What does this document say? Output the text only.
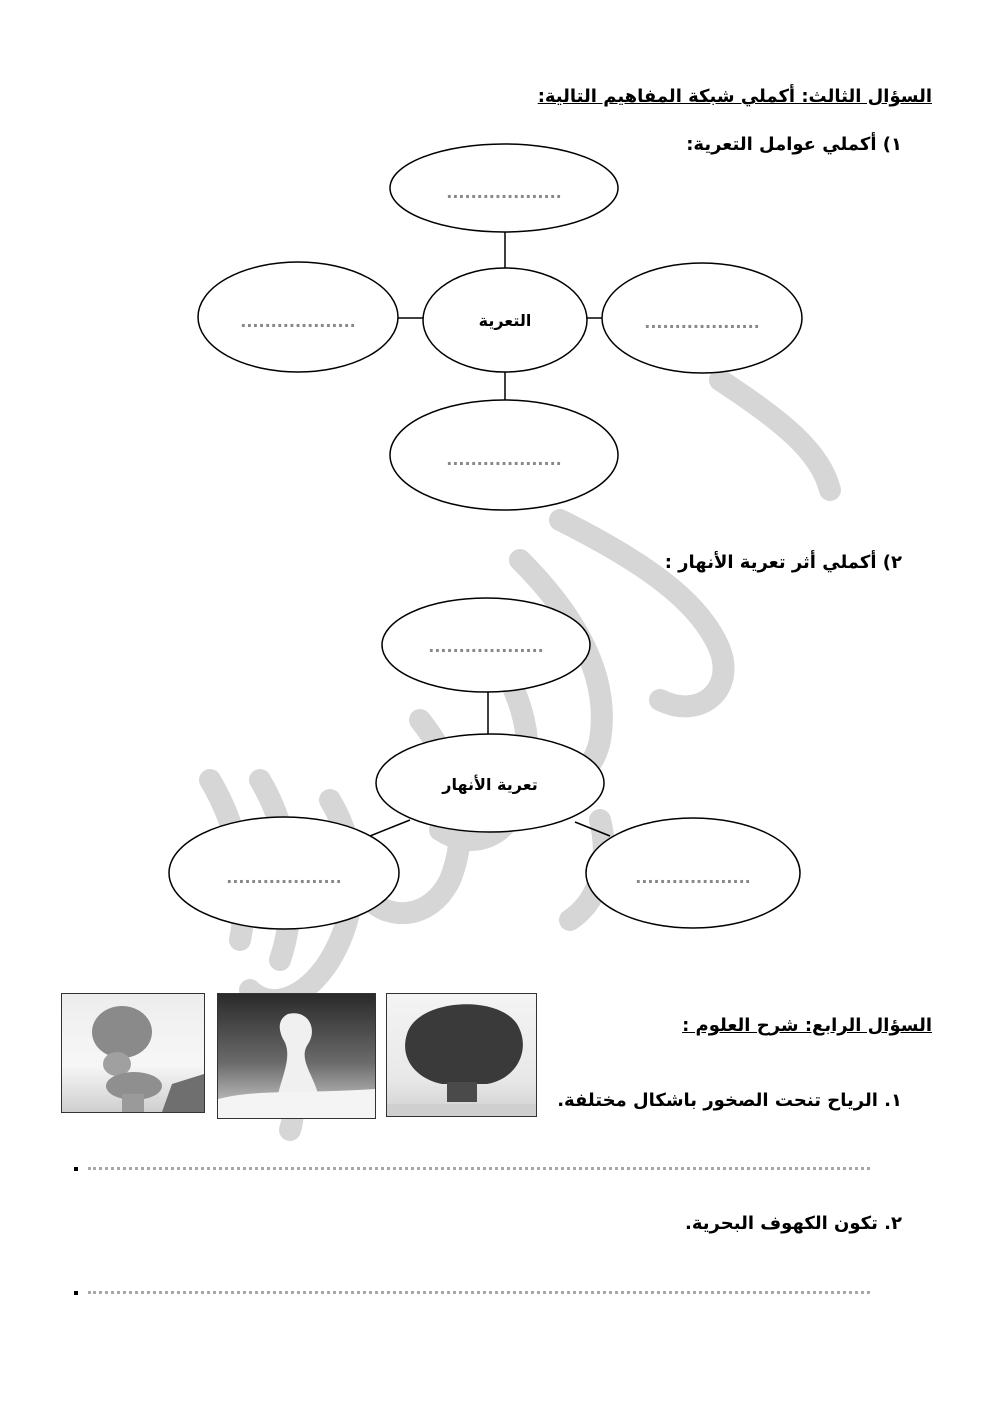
السؤال الثالث: أكملي شبكة المفاهيم التالية:
١) أكملي عوامل التعرية:
...................
...................	...................
التعرية
...................
٢) أكملي أثر تعرية الأنهار :
...................
تعرية الأنهار
...................	...................
السؤال الرابع: شرح العلوم :
١. الرياح تنحت الصخور باشكال مختلفة.
٢. تكون الكهوف البحرية.
